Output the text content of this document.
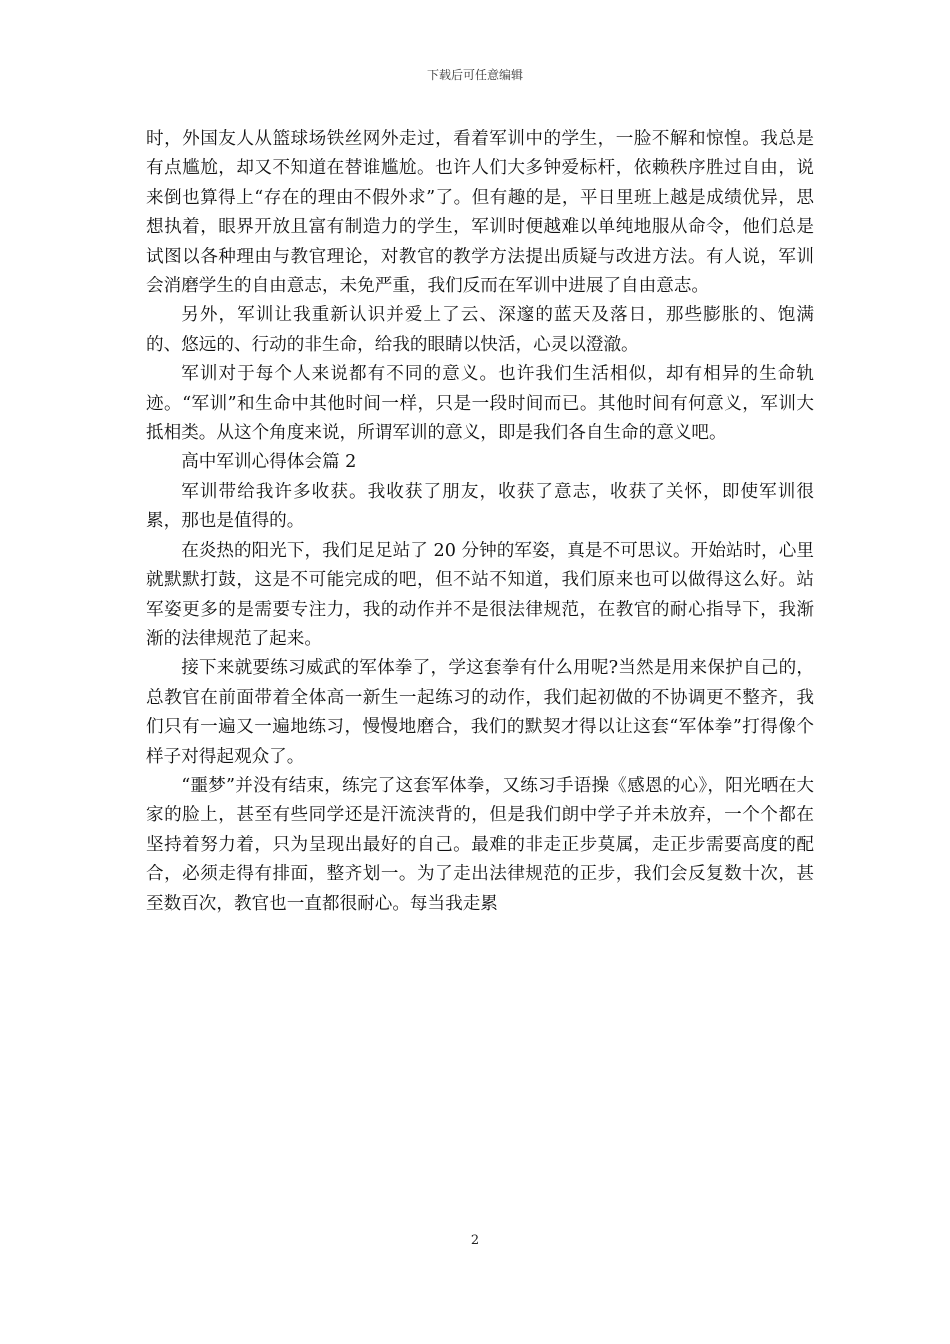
下载后可任意编辑

时，外国友人从篮球场铁丝网外走过，看着军训中的学生，一脸不解和惊惶。我总是有点尴尬，却又不知道在替谁尴尬。也许人们大多钟爱标杆，依赖秩序胜过自由，说来倒也算得上“存在的理由不假外求”了。但有趣的是，平日里班上越是成绩优异，思想执着，眼界开放且富有制造力的学生，军训时便越难以单纯地服从命令，他们总是试图以各种理由与教官理论，对教官的教学方法提出质疑与改进方法。有人说，军训会消磨学生的自由意志，未免严重，我们反而在军训中进展了自由意志。

另外，军训让我重新认识并爱上了云、深邃的蓝天及落日，那些膨胀的、饱满的、悠远的、行动的非生命，给我的眼睛以快活，心灵以澄澈。

军训对于每个人来说都有不同的意义。也许我们生活相似，却有相异的生命轨迹。“军训”和生命中其他时间一样，只是一段时间而已。其他时间有何意义，军训大抵相类。从这个角度来说，所谓军训的意义，即是我们各自生命的意义吧。

高中军训心得体会篇 2

军训带给我许多收获。我收获了朋友，收获了意志，收获了关怀，即使军训很累，那也是值得的。

在炎热的阳光下，我们足足站了 20 分钟的军姿，真是不可思议。开始站时，心里就默默打鼓，这是不可能完成的吧，但不站不知道，我们原来也可以做得这么好。站军姿更多的是需要专注力，我的动作并不是很法律规范，在教官的耐心指导下，我渐渐的法律规范了起来。

接下来就要练习威武的军体拳了，学这套拳有什么用呢?当然是用来保护自己的，总教官在前面带着全体高一新生一起练习的动作，我们起初做的不协调更不整齐，我们只有一遍又一遍地练习，慢慢地磨合，我们的默契才得以让这套“军体拳”打得像个样子对得起观众了。

“噩梦”并没有结束，练完了这套军体拳，又练习手语操《感恩的心》，阳光晒在大家的脸上，甚至有些同学还是汗流浃背的，但是我们朗中学子并未放弃，一个个都在坚持着努力着，只为呈现出最好的自己。最难的非走正步莫属，走正步需要高度的配合，必须走得有排面，整齐划一。为了走出法律规范的正步，我们会反复数十次，甚至数百次，教官也一直都很耐心。每当我走累

2
